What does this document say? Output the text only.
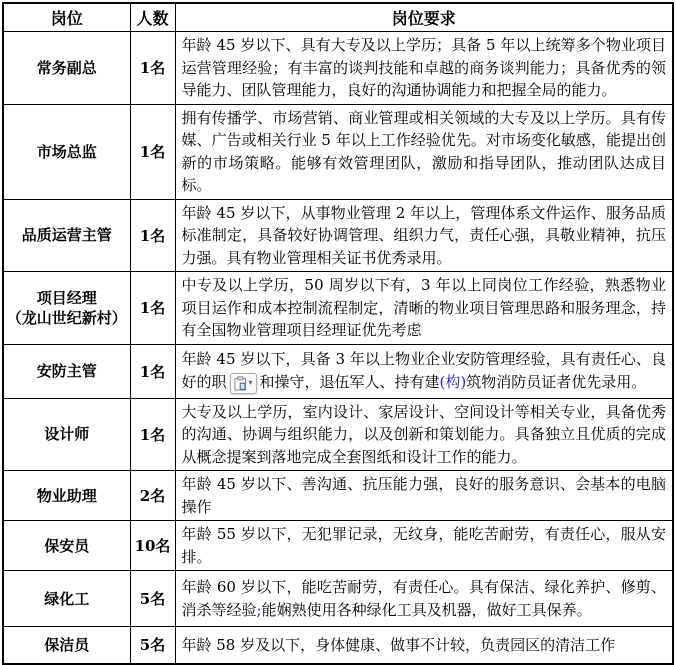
岗位	人数	岗位要求
常务副总	1名	年龄 45 岁以下、具有大专及以上学历；具备 5 年以上统筹多个物业项目运营管理经验；有丰富的谈判技能和卓越的商务谈判能力；具备优秀的领导能力、团队管理能力，良好的沟通协调能力和把握全局的能力。
市场总监	1名	拥有传播学、市场营销、商业管理或相关领域的大专及以上学历。具有传媒、广告或相关行业 5 年以上工作经验优先。对市场变化敏感，能提出创新的市场策略。能够有效管理团队，激励和指导团队，推动团队达成目标。
品质运营主管	1名	年龄 45 岁以下，从事物业管理 2 年以上，管理体系文件运作、服务品质标准制定，具备较好协调管理、组织力气，责任心强，具敬业精神，抗压力强。具有物业管理相关证书优秀录用。
项目经理
（龙山世纪新村）	1名	中专及以上学历，50 周岁以下有，3 年以上同岗位工作经验，熟悉物业项目运作和成本控制流程制定，清晰的物业项目管理思路和服务理念，持有全国物业管理项目经理证优先考虑
安防主管	1名	年龄 45 岁以下，具备 3 年以上物业企业安防管理经验，具有责任心、良好的职 ▾ 和操守，退伍军人、持有建(构)筑物消防员证者优先录用。
设计师	1名	大专及以上学历，室内设计、家居设计、空间设计等相关专业，具备优秀的沟通、协调与组织能力，以及创新和策划能力。具备独立且优质的完成从概念提案到落地完成全套图纸和设计工作的能力。
物业助理	2名	年龄 45 岁以下、善沟通、抗压能力强，良好的服务意识、会基本的电脑操作
保安员	10名	年龄 55 岁以下，无犯罪记录，无纹身，能吃苦耐劳，有责任心，服从安排。
绿化工	5名	年龄 60 岁以下，能吃苦耐劳，有责任心。具有保洁、绿化养护、修剪、消杀等经验;能娴熟使用各种绿化工具及机器，做好工具保养。
保洁员	5名	年龄 58 岁及以下，身体健康、做事不计较，负责园区的清洁工作
